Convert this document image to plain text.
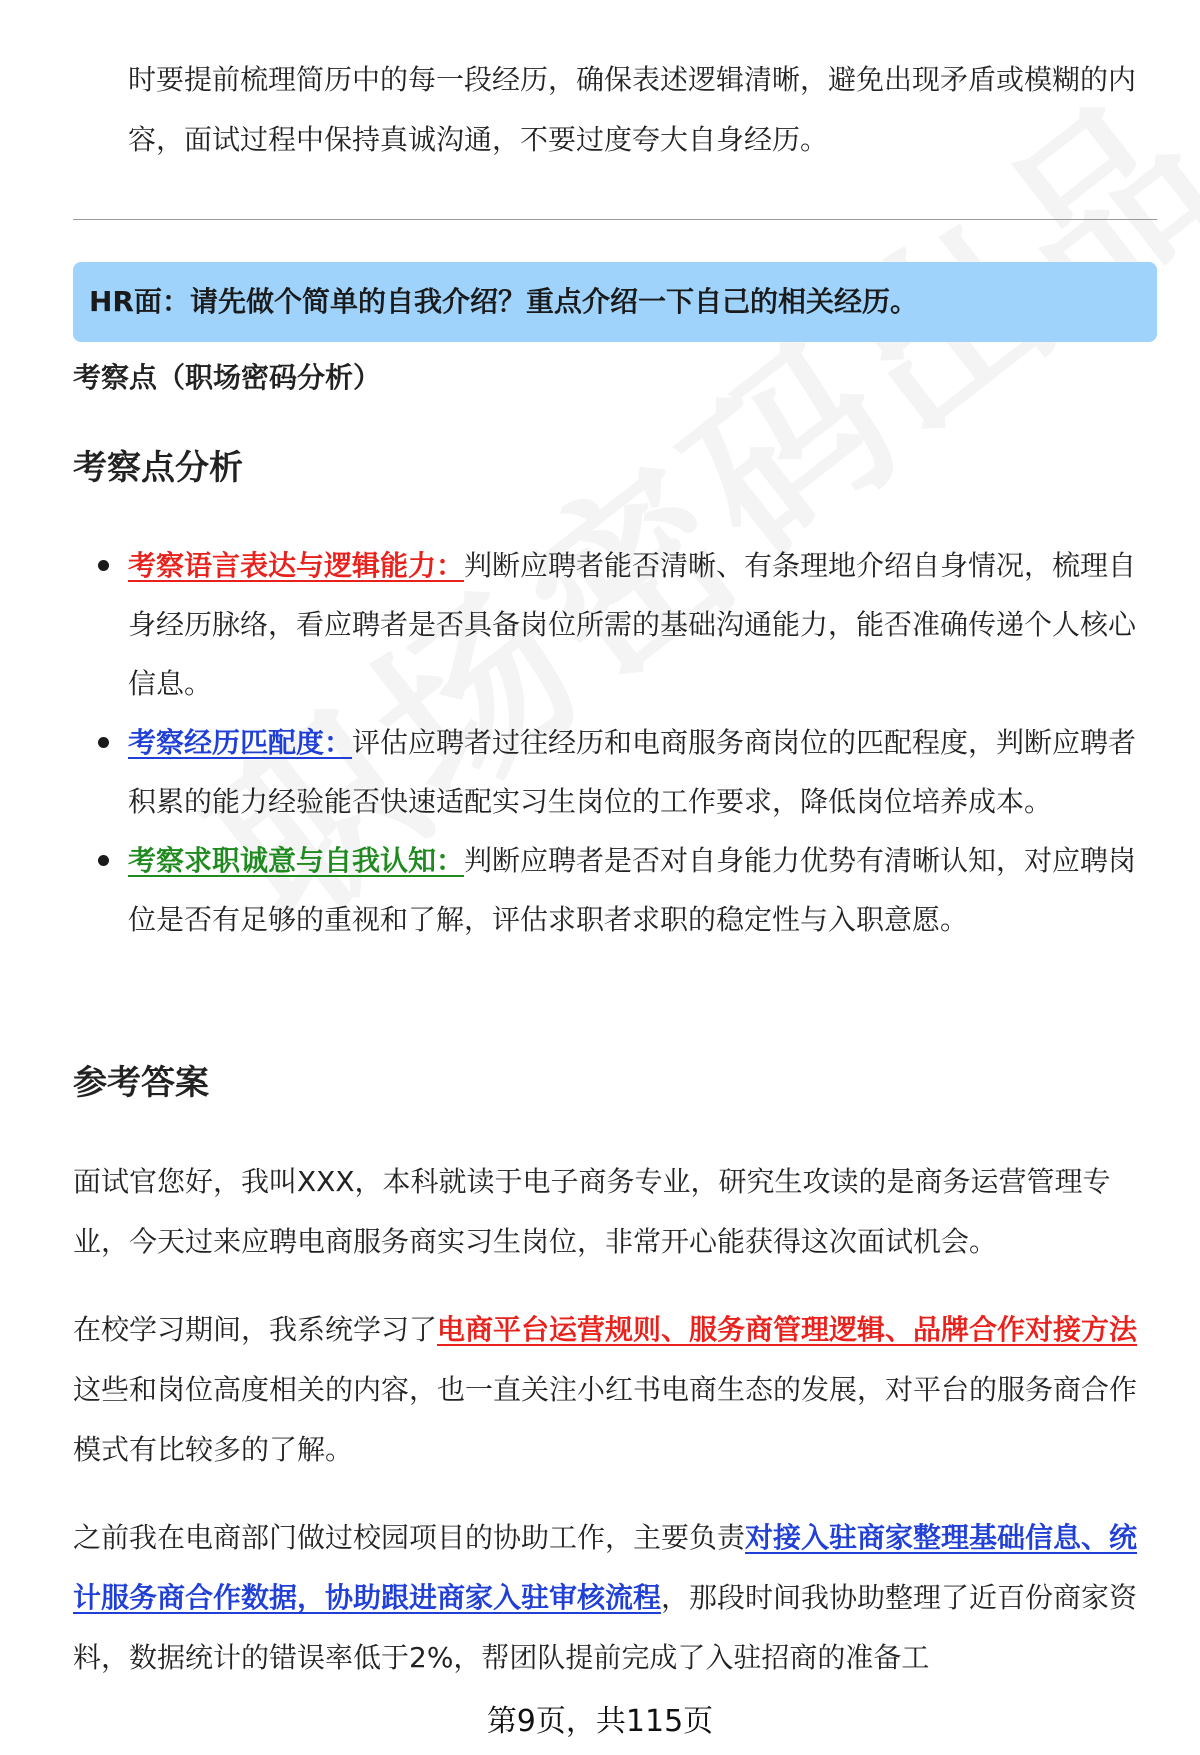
时要提前梳理简历中的每一段经历，确保表述逻辑清晰，避免出现矛盾或模糊的内容，面试过程中保持真诚沟通，不要过度夸大自身经历。

HR面：请先做个简单的自我介绍？重点介绍一下自己的相关经历。
考察点（职场密码分析）
考察点分析
考察语言表达与逻辑能力：判断应聘者能否清晰、有条理地介绍自身情况，梳理自身经历脉络，看应聘者是否具备岗位所需的基础沟通能力，能否准确传递个人核心信息。
考察经历匹配度：评估应聘者过往经历和电商服务商岗位的匹配程度，判断应聘者积累的能力经验能否快速适配实习生岗位的工作要求，降低岗位培养成本。
考察求职诚意与自我认知：判断应聘者是否对自身能力优势有清晰认知，对应聘岗位是否有足够的重视和了解，评估求职者求职的稳定性与入职意愿。
参考答案

面试官您好，我叫XXX，本科就读于电子商务专业，研究生攻读的是商务运营管理专业，今天过来应聘电商服务商实习生岗位，非常开心能获得这次面试机会。

在校学习期间，我系统学习了电商平台运营规则、服务商管理逻辑、品牌合作对接方法这些和岗位高度相关的内容，也一直关注小红书电商生态的发展，对平台的服务商合作模式有比较多的了解。

之前我在电商部门做过校园项目的协助工作，主要负责对接入驻商家整理基础信息、统计服务商合作数据，协助跟进商家入驻审核流程，那段时间我协助整理了近百份商家资料，数据统计的错误率低于2%，帮团队提前完成了入驻招商的准备工

第9页，共115页
